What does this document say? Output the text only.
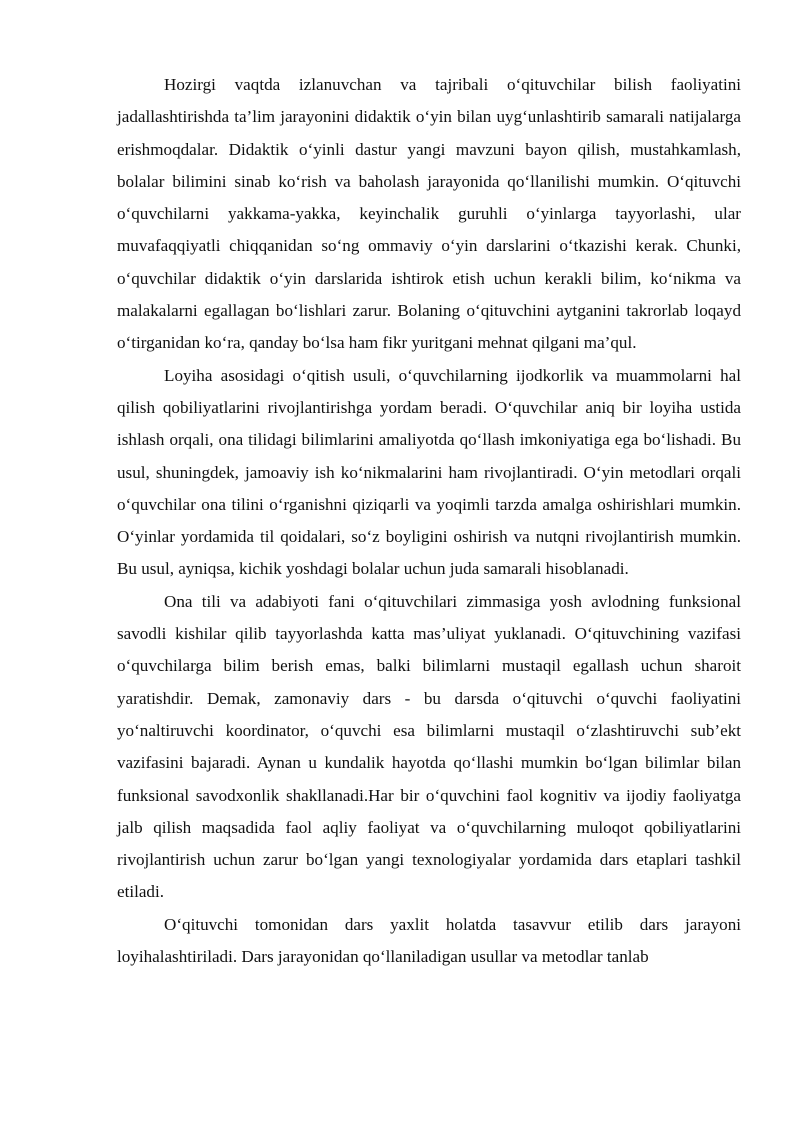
Hozirgi vaqtda izlanuvchan va tajribali o‘qituvchilar bilish faoliyatini jadallashtirishda ta’lim jarayonini didaktik o‘yin bilan uyg‘unlashtirib samarali natijalarga erishmoqdalar. Didaktik o‘yinli dastur yangi mavzuni bayon qilish, mustahkamlash, bolalar bilimini sinab ko‘rish va baholash jarayonida qo‘llanilishi mumkin. O‘qituvchi o‘quvchilarni yakkama-yakka, keyinchalik guruhli o‘yinlarga tayyorlashi, ular muvafaqqiyatli chiqqanidan so‘ng ommaviy o‘yin darslarini o‘tkazishi kerak. Chunki, o‘quvchilar didaktik o‘yin darslarida ishtirok etish uchun kerakli bilim, ko‘nikma va malakalarni egallagan bo‘lishlari zarur. Bolaning o‘qituvchini aytganini takrorlab loqayd o‘tirganidan ko‘ra, qanday bo‘lsa ham fikr yuritgani mehnat qilgani ma’qul.

Loyiha asosidagi o‘qitish usuli, o‘quvchilarning ijodkorlik va muammolarni hal qilish qobiliyatlarini rivojlantirishga yordam beradi. O‘quvchilar aniq bir loyiha ustida ishlash orqali, ona tilidagi bilimlarini amaliyotda qo‘llash imkoniyatiga ega bo‘lishadi. Bu usul, shuningdek, jamoaviy ish ko‘nikmalarini ham rivojlantiradi. O‘yin metodlari orqali o‘quvchilar ona tilini o‘rganishni qiziqarli va yoqimli tarzda amalga oshirishlari mumkin. O‘yinlar yordamida til qoidalari, so‘z boyligini oshirish va nutqni rivojlantirish mumkin. Bu usul, ayniqsa, kichik yoshdagi bolalar uchun juda samarali hisoblanadi.

Ona tili va adabiyoti fani o‘qituvchilari zimmasiga yosh avlodning funksional savodli kishilar qilib tayyorlashda katta mas’uliyat yuklanadi. O‘qituvchining vazifasi o‘quvchilarga bilim berish emas, balki bilimlarni mustaqil egallash uchun sharoit yaratishdir. Demak, zamonaviy dars - bu darsda o‘qituvchi o‘quvchi faoliyatini yo‘naltiruvchi koordinator, o‘quvchi esa bilimlarni mustaqil o‘zlashtiruvchi sub’ekt vazifasini bajaradi. Aynan u kundalik hayotda qo‘llashi mumkin bo‘lgan bilimlar bilan funksional savodxonlik shakllanadi.Har bir o‘quvchini faol kognitiv va ijodiy faoliyatga jalb qilish maqsadida faol aqliy faoliyat va o‘quvchilarning muloqot qobiliyatlarini rivojlantirish uchun zarur bo‘lgan yangi texnologiyalar yordamida dars etaplari tashkil etiladi.

O‘qituvchi tomonidan dars yaxlit holatda tasavvur etilib dars jarayoni loyihalashtiriladi. Dars jarayonidan qo‘llaniladigan usullar va metodlar tanlab
